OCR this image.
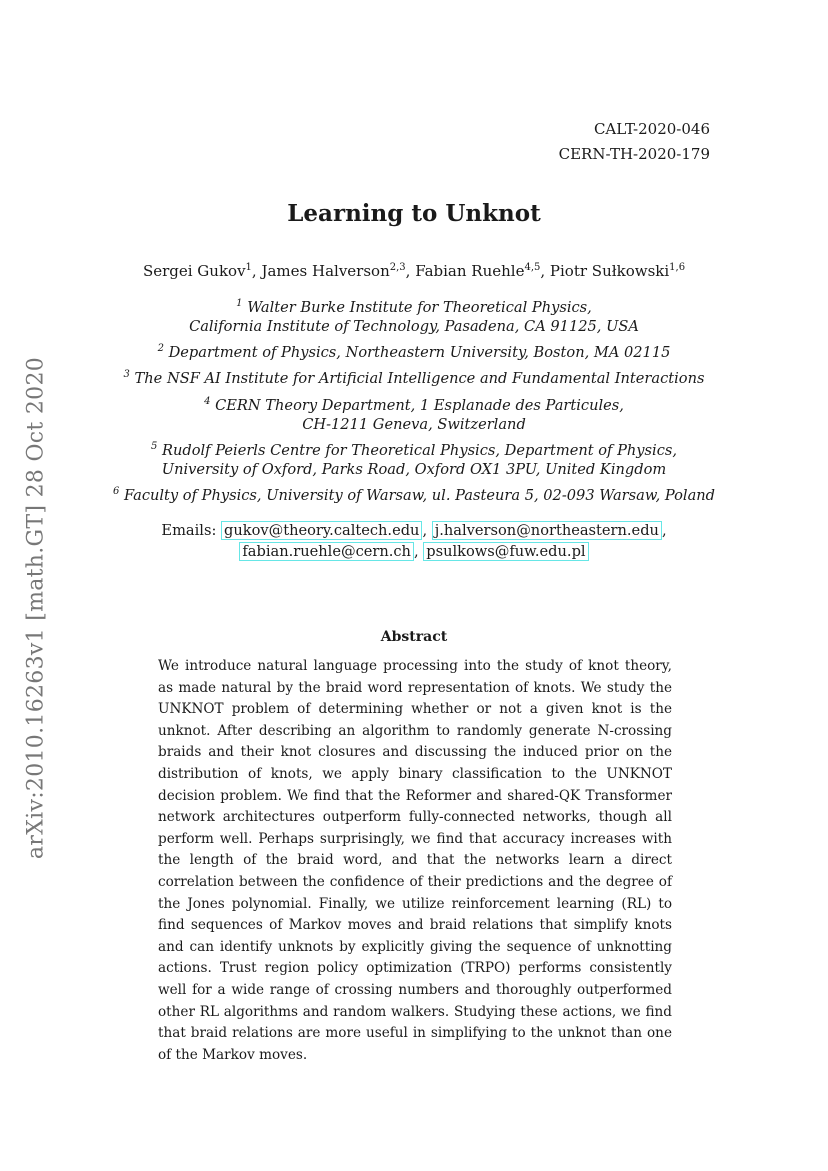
arXiv:2010.16263v1 [math.GT] 28 Oct 2020
CALT-2020-046
CERN-TH-2020-179
Learning to Unknot
Sergei Gukov$^1$, James Halverson$^{2,3}$, Fabian Ruehle$^{4,5}$, Piotr Sułkowski$^{1,6}$
$^1$ Walter Burke Institute for Theoretical Physics,
California Institute of Technology, Pasadena, CA 91125, USA
$^2$ Department of Physics, Northeastern University, Boston, MA 02115
$^3$ The NSF AI Institute for Artificial Intelligence and Fundamental Interactions
$^4$ CERN Theory Department, 1 Esplanade des Particules,
CH-1211 Geneva, Switzerland
$^5$ Rudolf Peierls Centre for Theoretical Physics, Department of Physics,
University of Oxford, Parks Road, Oxford OX1 3PU, United Kingdom
$^6$ Faculty of Physics, University of Warsaw, ul. Pasteura 5, 02-093 Warsaw, Poland
Emails: gukov@theory.caltech.edu , j.halverson@northeastern.edu ,
fabian.ruehle@cern.ch , psulkows@fuw.edu.pl
Abstract
We introduce natural language processing into the study of knot theory, as made natural by the braid word representation of knots. We study the UNKNOT problem of determining whether or not a given knot is the unknot. After describing an algorithm to randomly generate N-crossing braids and their knot closures and discussing the induced prior on the distribution of knots, we apply binary classification to the UNKNOT decision problem. We find that the Reformer and shared-QK Transformer network architectures outperform fully-connected networks, though all perform well. Perhaps surprisingly, we find that accuracy increases with the length of the braid word, and that the networks learn a direct correlation between the confidence of their predictions and the degree of the Jones polynomial. Finally, we utilize reinforcement learning (RL) to find sequences of Markov moves and braid relations that simplify knots and can identify unknots by explicitly giving the sequence of unknotting actions. Trust region policy optimization (TRPO) performs consistently well for a wide range of crossing numbers and thoroughly outperformed other RL algorithms and random walkers. Studying these actions, we find that braid relations are more useful in simplifying to the unknot than one of the Markov moves.
